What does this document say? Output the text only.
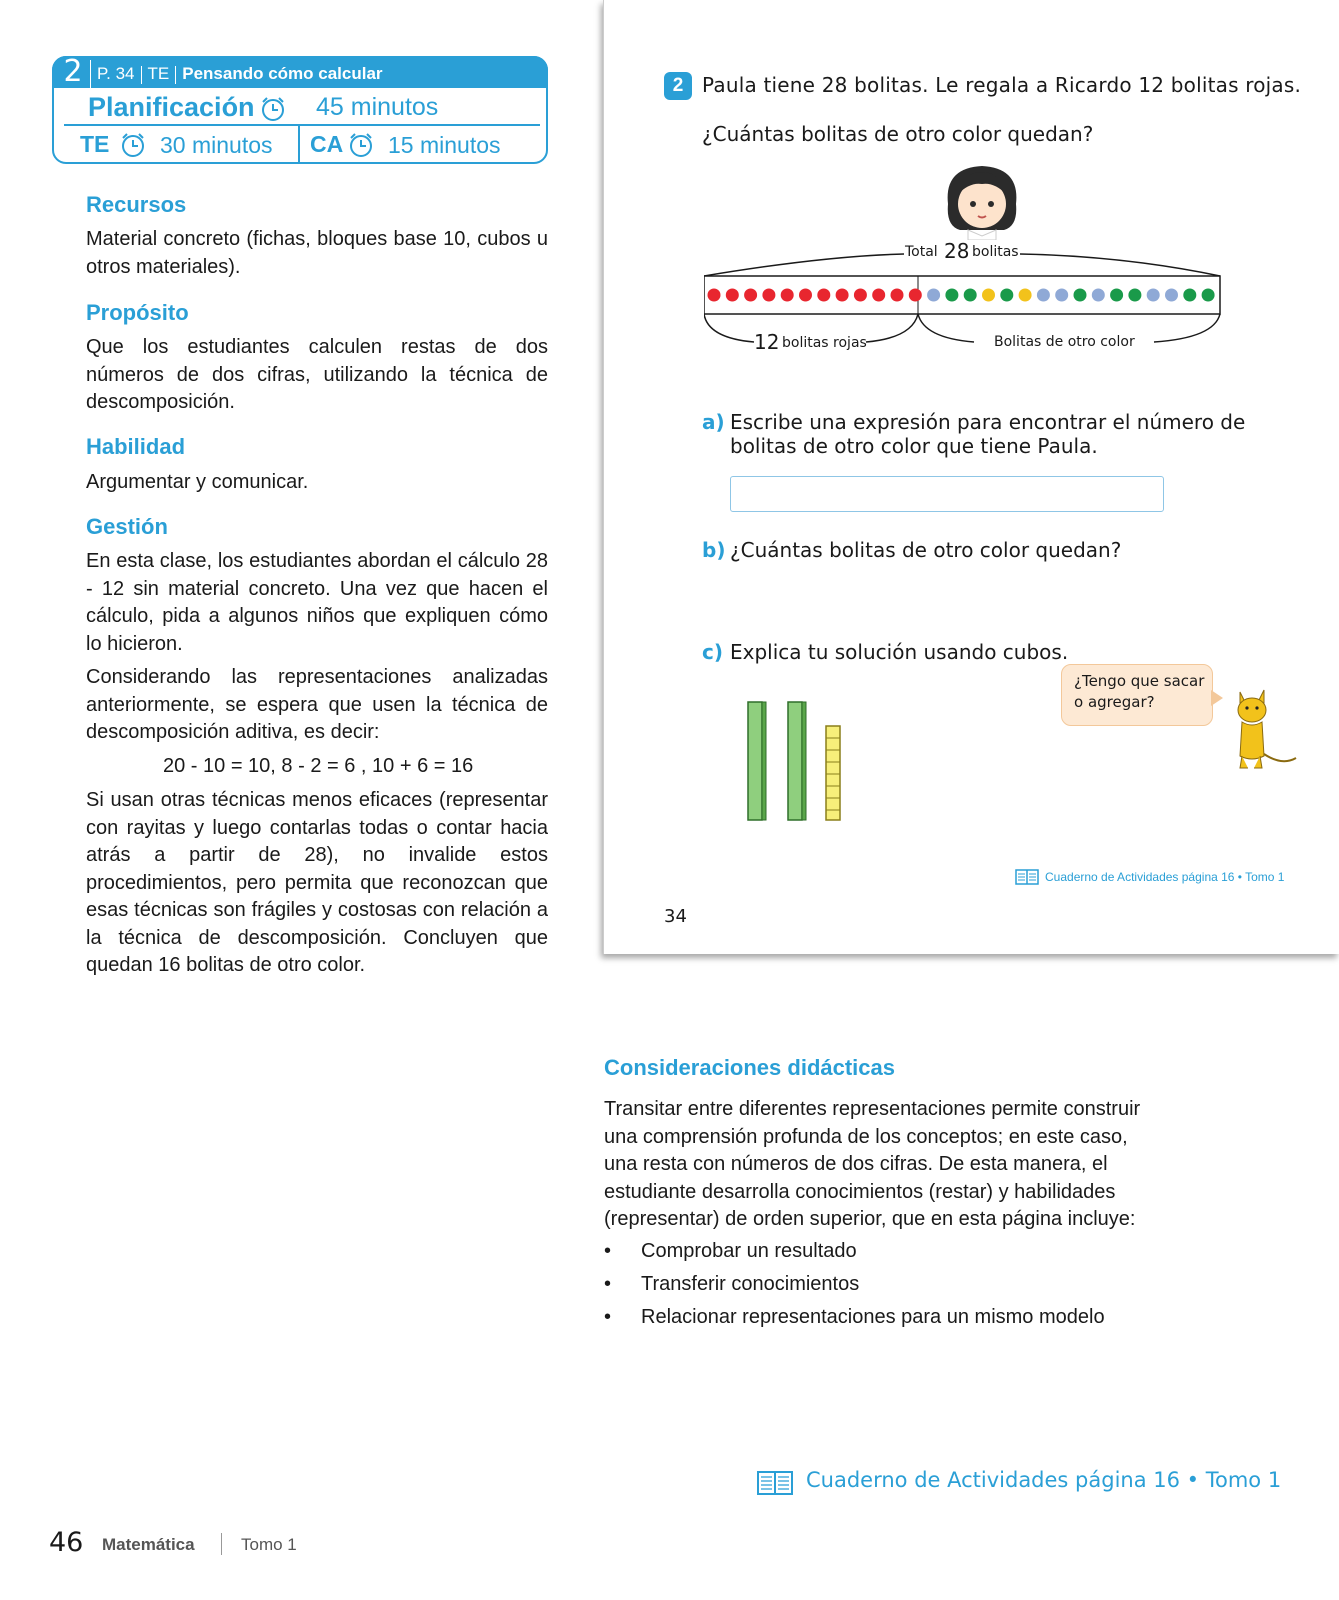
2 P. 34 TE Pensando cómo calcular
Planificación 45 minutos
TE 30 minutos CA 15 minutos
Recursos
Material concreto (fichas, bloques base 10, cubos u otros materiales).
Propósito
Que los estudiantes calculen restas de dos números de dos cifras, utilizando la técnica de descomposición.
Habilidad
Argumentar y comunicar.
Gestión
En esta clase, los estudiantes abordan el cálculo 28 - 12 sin material concreto. Una vez que hacen el cálculo, pida a algunos niños que expliquen cómo lo hicieron.
Considerando las representaciones analizadas anteriormente, se espera que usen la técnica de descomposición aditiva, es decir:
20 - 10 = 10, 8 - 2 = 6 , 10 + 6 = 16
Si usan otras técnicas menos eficaces (representar con rayitas y luego contarlas todas o contar hacia atrás a partir de 28), no invalide estos procedimientos, pero permita que reconozcan que esas técnicas son frágiles y costosas con relación a la técnica de descomposición. Concluyen que quedan 16 bolitas de otro color.
2 Paula tiene 28 bolitas. Le regala a Ricardo 12 bolitas rojas.
¿Cuántas bolitas de otro color quedan?
Total 28 bolitas
12 bolitas rojas	Bolitas de otro color
a) Escribe una expresión para encontrar el número de bolitas de otro color que tiene Paula.
b) ¿Cuántas bolitas de otro color quedan?
c) Explica tu solución usando cubos.
¿Tengo que sacar
o agregar?
Cuaderno de Actividades página 16 • Tomo 1
34
Consideraciones didácticas
Transitar entre diferentes representaciones permite construir una comprensión profunda de los conceptos; en este caso, una resta con números de dos cifras. De esta manera, el estudiante desarrolla conocimientos (restar) y habilidades (representar) de orden superior, que en esta página incluye:
• Comprobar un resultado
• Transferir conocimientos
• Relacionar representaciones para un mismo modelo
Cuaderno de Actividades página 16 • Tomo 1
46 Matemática	Tomo 1
